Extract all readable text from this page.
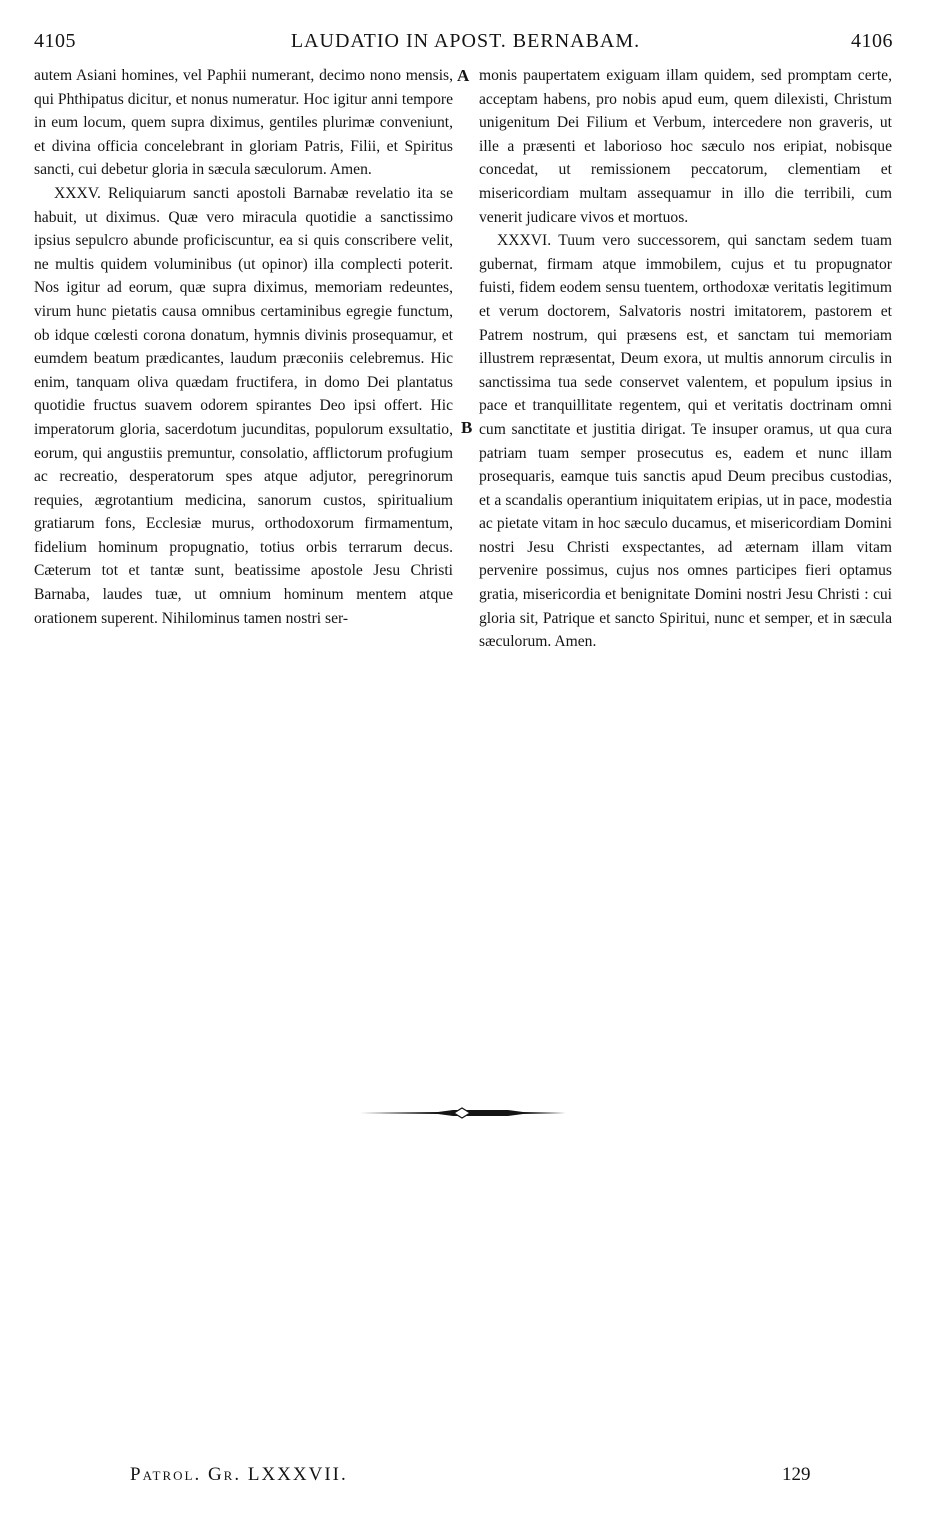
4105	LAUDATIO IN APOST. BERNABAM.	4106

autem Asiani homines, vel Paphii numerant, decimo nono mensis, qui Phthipatus dicitur, et nonus numeratur. Hoc igitur anni tempore in eum locum, quem supra diximus, gentiles plurimæ conveniunt, et divina officia concelebrant in gloriam Patris, Filii, et Spiritus sancti, cui debetur gloria in sæcula sæculorum. Amen.

XXXV. Reliquiarum sancti apostoli Barnabæ revelatio ita se habuit, ut diximus. Quæ vero miracula quotidie a sanctissimo ipsius sepulcro abunde proficiscuntur, ea si quis conscribere velit, ne multis quidem voluminibus (ut opinor) illa complecti poterit. Nos igitur ad eorum, quæ supra diximus, memoriam redeuntes, virum hunc pietatis causa omnibus certaminibus egregie functum, ob idque cœlesti corona donatum, hymnis divinis prosequamur, et eumdem beatum prædicantes, laudum præconiis celebremus. Hic enim, tanquam oliva quædam fructifera, in domo Dei plantatus quotidie fructus suavem odorem spirantes Deo ipsi offert. Hic imperatorum gloria, sacerdotum jucunditas, populorum exsultatio, eorum, qui angustiis premuntur, consolatio, afflictorum profugium ac recreatio, desperatorum spes atque adjutor, peregrinorum requies, ægrotantium medicina, sanorum custos, spiritualium gratiarum fons, Ecclesiæ murus, orthodoxorum firmamentum, fidelium hominum propugnatio, totius orbis terrarum decus. Cæterum tot et tantæ sunt, beatissime apostole Jesu Christi Barnaba, laudes tuæ, ut omnium hominum mentem atque orationem superent. Nihilominus tamen nostri ser-

A
B

monis paupertatem exiguam illam quidem, sed promptam certe, acceptam habens, pro nobis apud eum, quem dilexisti, Christum unigenitum Dei Filium et Verbum, intercedere non graveris, ut ille a præsenti et laborioso hoc sæculo nos eripiat, nobisque concedat, ut remissionem peccatorum, clementiam et misericordiam multam assequamur in illo die terribili, cum venerit judicare vivos et mortuos.

XXXVI. Tuum vero successorem, qui sanctam sedem tuam gubernat, firmam atque immobilem, cujus et tu propugnator fuisti, fidem eodem sensu tuentem, orthodoxæ veritatis legitimum et verum doctorem, Salvatoris nostri imitatorem, pastorem et Patrem nostrum, qui præsens est, et sanctam tui memoriam illustrem repræsentat, Deum exora, ut multis annorum circulis in sanctissima tua sede conservet valentem, et populum ipsius in pace et tranquillitate regentem, qui et veritatis doctrinam omni cum sanctitate et justitia dirigat. Te insuper oramus, ut qua cura patriam tuam semper prosecutus es, eadem et nunc illam prosequaris, eamque tuis sanctis apud Deum precibus custodias, et a scandalis operantium iniquitatem eripias, ut in pace, modestia ac pietate vitam in hoc sæculo ducamus, et misericordiam Domini nostri Jesu Christi exspectantes, ad æternam illam vitam pervenire possimus, cujus nos omnes participes fieri optamus gratia, misericordia et benignitate Domini nostri Jesu Christi : cui gloria sit, Patrique et sancto Spiritui, nunc et semper, et in sæcula sæculorum. Amen.

Patrol. Gr. LXXXVII.	129
